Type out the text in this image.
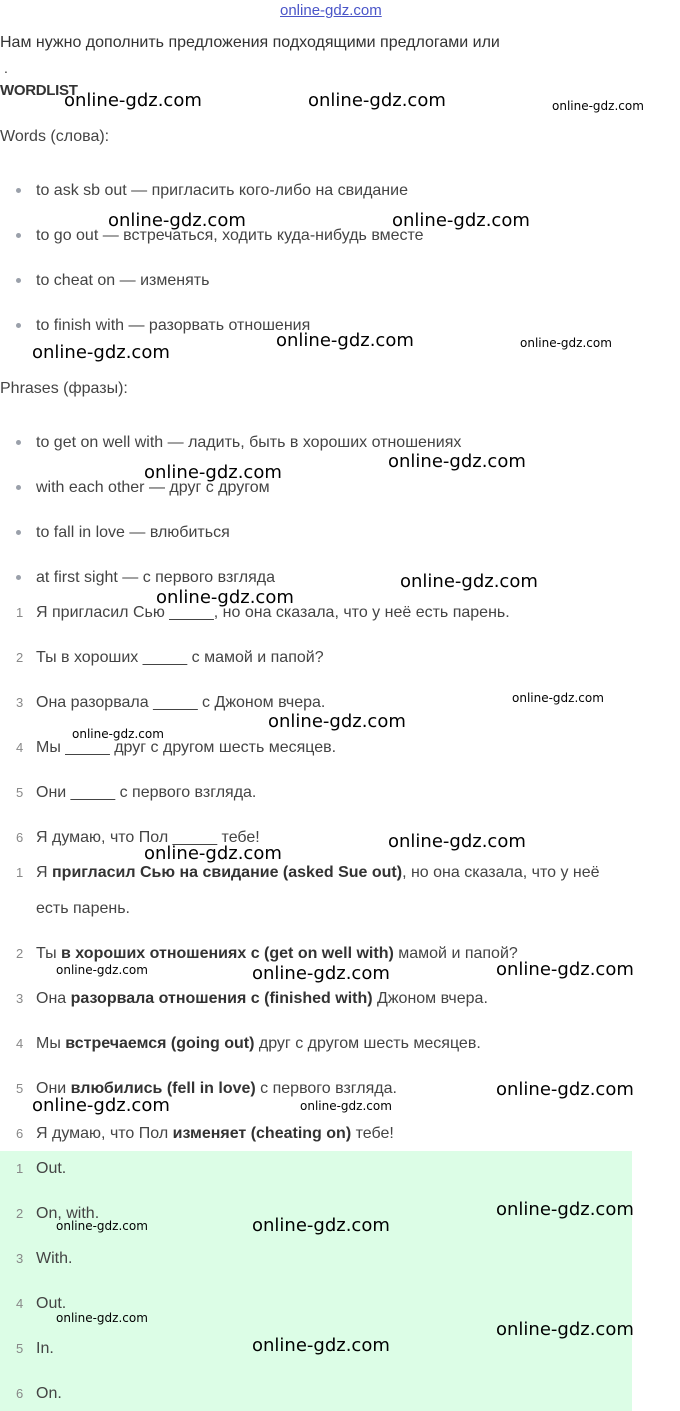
online-gdz.com
Нам нужно дополнить предложения подходящими предлогами или
.
WORDLIST
Words (слова):
to ask sb out — пригласить кого-либо на свидание
to go out — встречаться, ходить куда-нибудь вместе
to cheat on — изменять
to finish with — разорвать отношения
Phrases (фразы):
to get on well with — ладить, быть в хороших отношениях
with each other — друг с другом
to fall in love — влюбиться
at first sight — с первого взгляда
1 Я пригласил Сью _____, но она сказала, что у неё есть парень.
2 Ты в хороших _____ с мамой и папой?
3 Она разорвала _____ с Джоном вчера.
4 Мы _____ друг с другом шесть месяцев.
5 Они _____ с первого взгляда.
6 Я думаю, что Пол _____ тебе!
1 Я пригласил Сью на свидание (asked Sue out), но она сказала, что у неё
есть парень.
2 Ты в хороших отношениях с (get on well with) мамой и папой?
3 Она разорвала отношения с (finished with) Джоном вчера.
4 Мы встречаемся (going out) друг с другом шесть месяцев.
5 Они влюбились (fell in love) с первого взгляда.
6 Я думаю, что Пол изменяет (cheating on) тебе!
1 Out.
2 On, with.
3 With.
4 Out.
5 In.
6 On.
online-gdz.com	online-gdz.com	online-gdz.com
online-gdz.com	online-gdz.com
online-gdz.com
online-gdz.com	online-gdz.com
online-gdz.com
online-gdz.com
online-gdz.com
online-gdz.com
online-gdz.com
online-gdz.com
online-gdz.com
online-gdz.com
online-gdz.com
online-gdz.com	online-gdz.com	online-gdz.com
online-gdz.com
online-gdz.com	online-gdz.com
online-gdz.com
online-gdz.com	online-gdz.com
online-gdz.com
online-gdz.com
online-gdz.com
